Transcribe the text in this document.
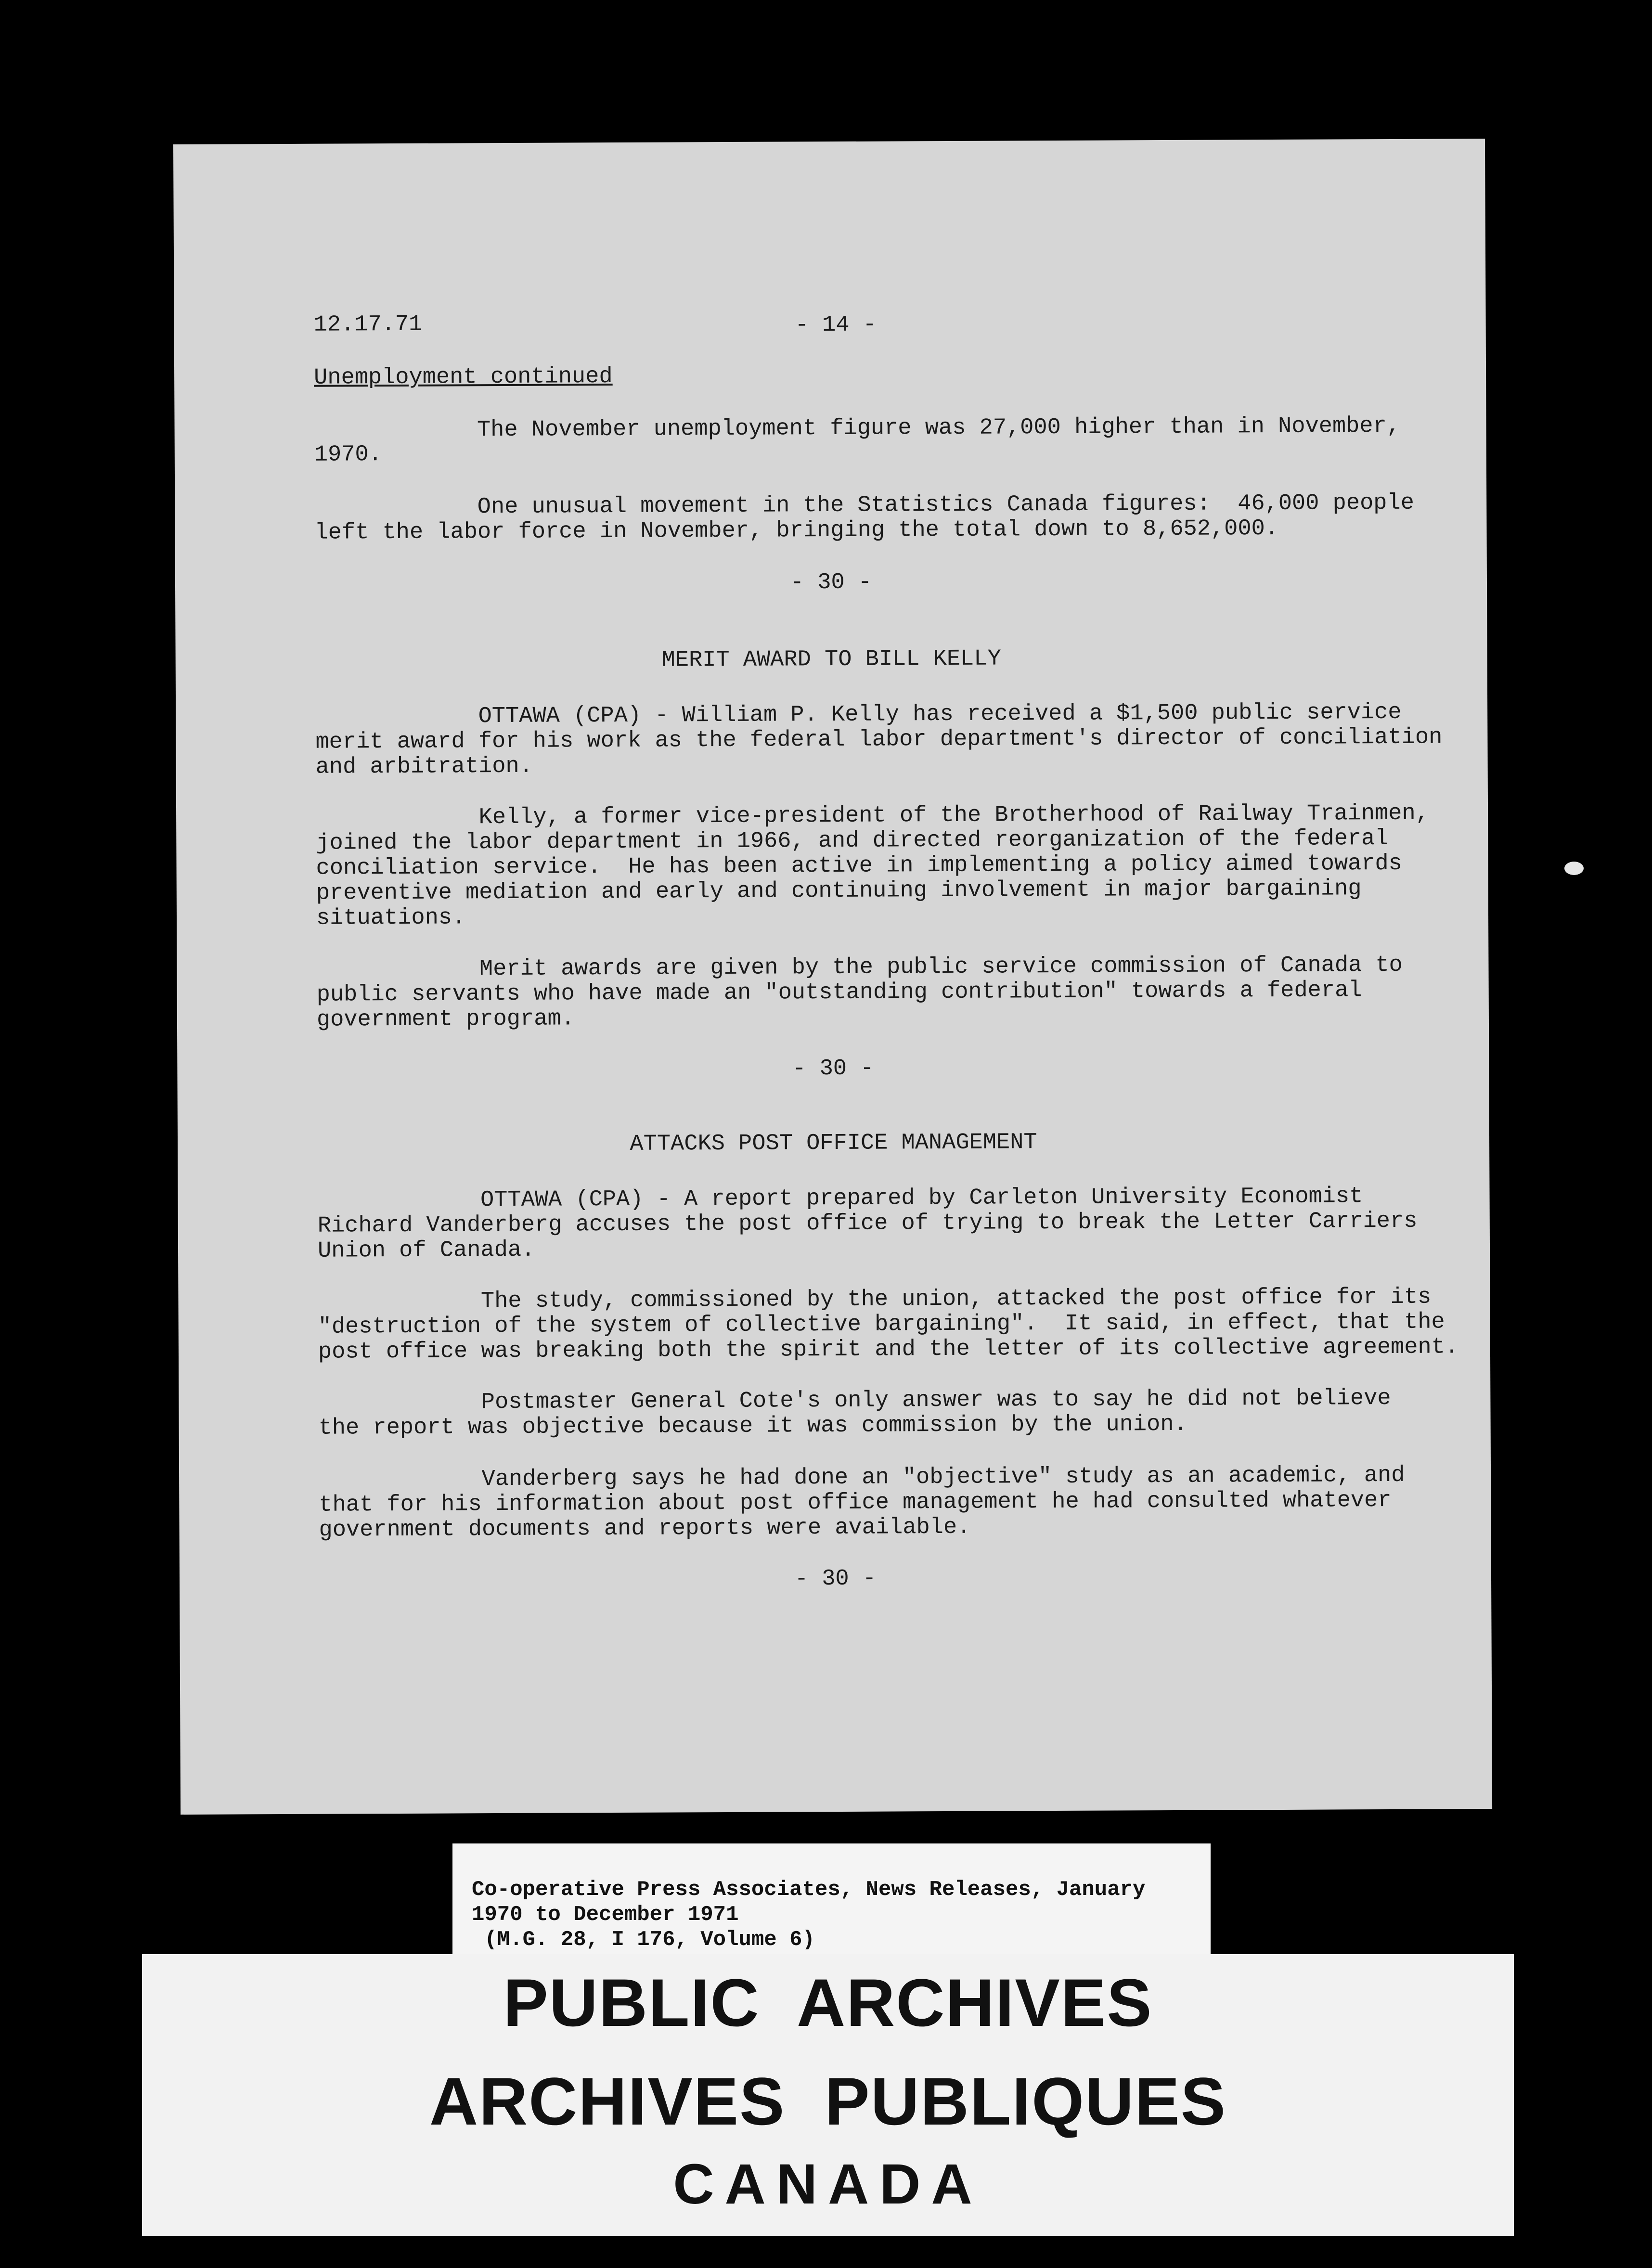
12.17.71	- 14 -

Unemployment continued

The November unemployment figure was 27,000 higher than in November,

1970.

One unusual movement in the Statistics Canada figures:  46,000 people

left the labor force in November, bringing the total down to 8,652,000.

- 30 -

MERIT AWARD TO BILL KELLY

OTTAWA (CPA) - William P. Kelly has received a $1,500 public service

merit award for his work as the federal labor department's director of conciliation

and arbitration.

Kelly, a former vice-president of the Brotherhood of Railway Trainmen,

joined the labor department in 1966, and directed reorganization of the federal

conciliation service.  He has been active in implementing a policy aimed towards

preventive mediation and early and continuing involvement in major bargaining

situations.

Merit awards are given by the public service commission of Canada to

public servants who have made an "outstanding contribution" towards a federal

government program.

- 30 -

ATTACKS POST OFFICE MANAGEMENT

OTTAWA (CPA) - A report prepared by Carleton University Economist

Richard Vanderberg accuses the post office of trying to break the Letter Carriers

Union of Canada.

The study, commissioned by the union, attacked the post office for its

"destruction of the system of collective bargaining".  It said, in effect, that the

post office was breaking both the spirit and the letter of its collective agreement.

Postmaster General Cote's only answer was to say he did not believe

the report was objective because it was commission by the union.

Vanderberg says he had done an "objective" study as an academic, and

that for his information about post office management he had consulted whatever

government documents and reports were available.

- 30 -

Co-operative Press Associates, News Releases, January
1970 to December 1971
(M.G. 28, I 176, Volume 6)

PUBLIC  ARCHIVES
ARCHIVES  PUBLIQUES
CANADA
